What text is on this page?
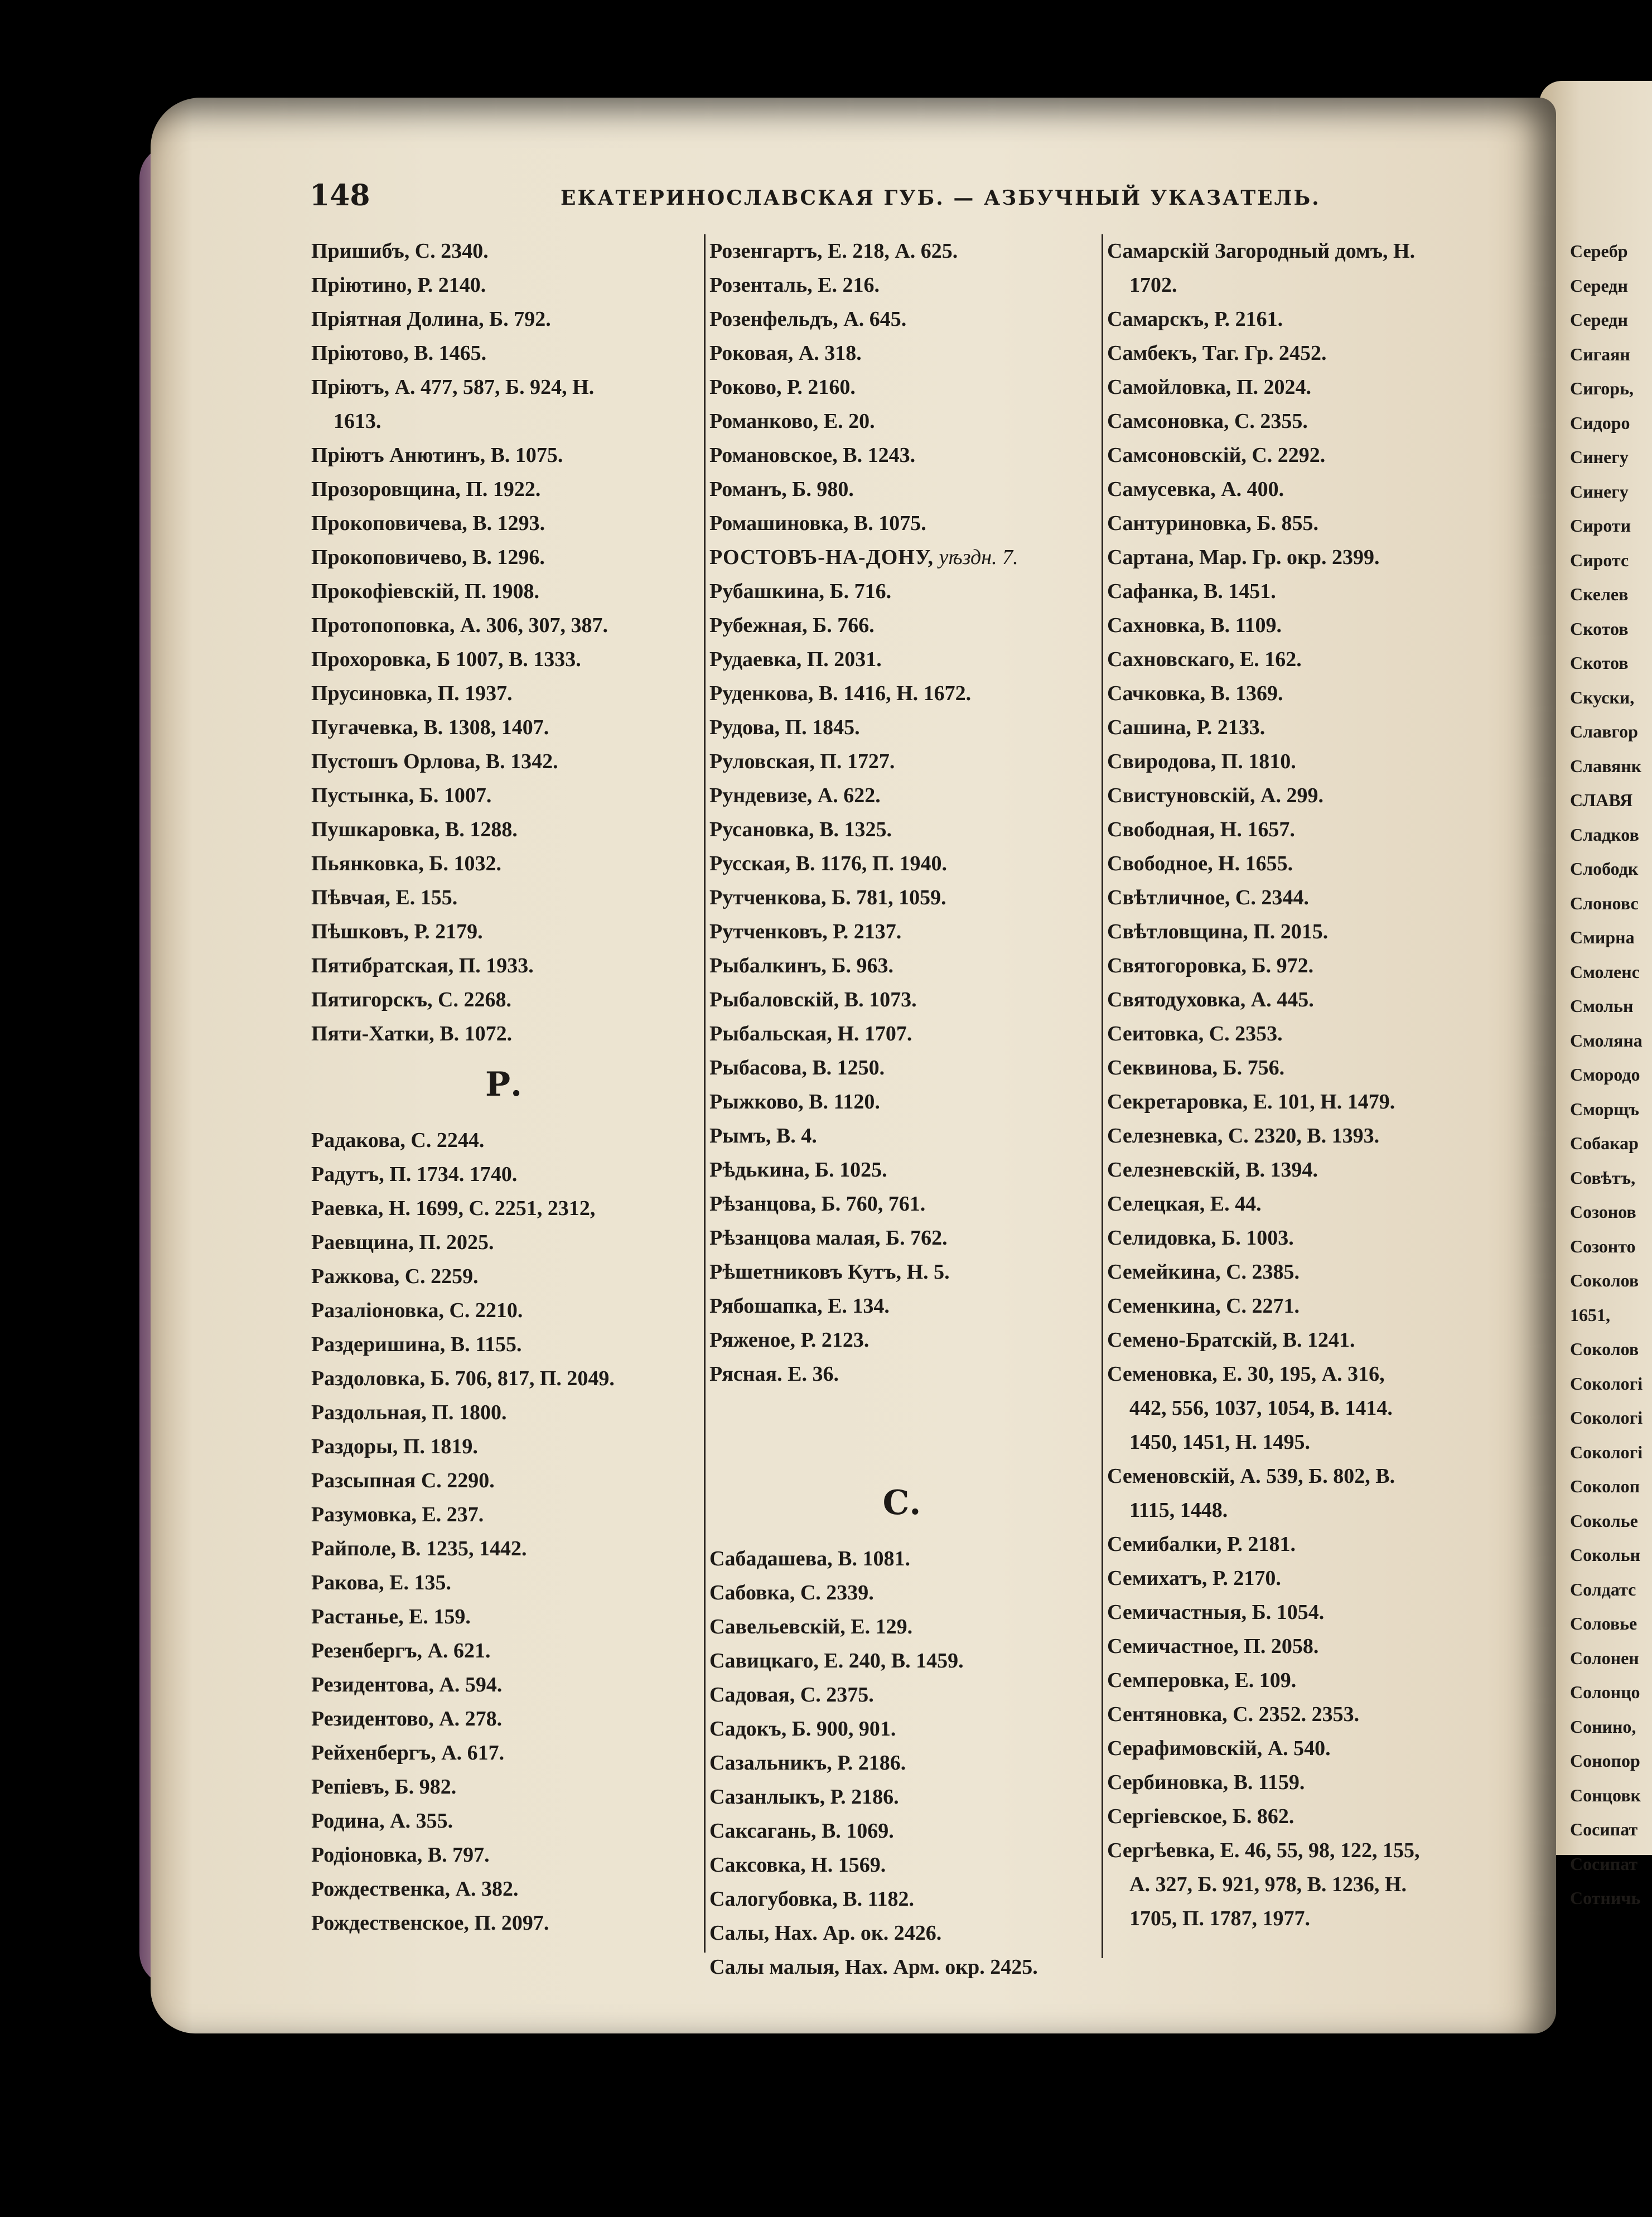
148	ЕКАТЕРИНОСЛАВСКАЯ ГУБ. — АЗБУЧНЫЙ УКАЗАТЕЛЬ.
Пришибъ, С. 2340.
Пріютино, Р. 2140.
Пріятная Долина, Б. 792.
Пріютово, В. 1465.
Пріютъ, А. 477, 587, Б. 924, Н.
1613.
Пріютъ Анютинъ, В. 1075.
Прозоровщина, П. 1922.
Прокоповичева, В. 1293.
Прокоповичево, В. 1296.
Прокофіевскій, П. 1908.
Протопоповка, А. 306, 307, 387.
Прохоровка, Б 1007, В. 1333.
Прусиновка, П. 1937.
Пугачевка, В. 1308, 1407.
Пустошъ Орлова, В. 1342.
Пустынка, Б. 1007.
Пушкаровка, В. 1288.
Пьянковка, Б. 1032.
Пѣвчая, Е. 155.
Пѣшковъ, Р. 2179.
Пятибратская, П. 1933.
Пятигорскъ, С. 2268.
Пяти-Хатки, В. 1072.
Р.
Радакова, С. 2244.
Радутъ, П. 1734. 1740.
Раевка, Н. 1699, С. 2251, 2312,
Раевщина, П. 2025.
Ражкова, С. 2259.
Разаліоновка, С. 2210.
Раздеришина, В. 1155.
Раздоловка, Б. 706, 817, П. 2049.
Раздольная, П. 1800.
Раздоры, П. 1819.
Разсыпная С. 2290.
Разумовка, Е. 237.
Райполе, В. 1235, 1442.
Ракова, Е. 135.
Растанье, Е. 159.
Резенбергъ, А. 621.
Резидентова, А. 594.
Резидентово, А. 278.
Рейхенбергъ, А. 617.
Репіевъ, Б. 982.
Родина, А. 355.
Родіоновка, В. 797.
Рождественка, А. 382.
Рождественское, П. 2097.
Розенгартъ, Е. 218, А. 625.
Розенталь, Е. 216.
Розенфельдъ, А. 645.
Роковая, А. 318.
Роково, Р. 2160.
Романково, Е. 20.
Романовское, В. 1243.
Романъ, Б. 980.
Ромашиновка, В. 1075.
РОСТОВЪ-НА-ДОНУ, уѣздн. 7.
Рубашкина, Б. 716.
Рубежная, Б. 766.
Рудаевка, П. 2031.
Руденкова, В. 1416, Н. 1672.
Рудова, П. 1845.
Руловская, П. 1727.
Рундевизе, А. 622.
Русановка, В. 1325.
Русская, В. 1176, П. 1940.
Рутченкова, Б. 781, 1059.
Рутченковъ, Р. 2137.
Рыбалкинъ, Б. 963.
Рыбаловскій, В. 1073.
Рыбальская, Н. 1707.
Рыбасова, В. 1250.
Рыжково, В. 1120.
Рымъ, В. 4.
Рѣдькина, Б. 1025.
Рѣзанцова, Б. 760, 761.
Рѣзанцова малая, Б. 762.
Рѣшетниковъ Кутъ, Н. 5.
Рябошапка, Е. 134.
Ряженое, Р. 2123.
Рясная. Е. 36.
С.
Сабадашева, В. 1081.
Сабовка, С. 2339.
Савельевскій, Е. 129.
Савицкаго, Е. 240, В. 1459.
Садовая, С. 2375.
Садокъ, Б. 900, 901.
Сазальникъ, Р. 2186.
Сазанлыкъ, Р. 2186.
Саксагань, В. 1069.
Саксовка, Н. 1569.
Салогубовка, В. 1182.
Салы, Нах. Ар. ок. 2426.
Салы малыя, Нах. Арм. окр. 2425.
Самарскій Загородный домъ, Н.
1702.
Самарскъ, Р. 2161.
Самбекъ, Таг. Гр. 2452.
Самойловка, П. 2024.
Самсоновка, С. 2355.
Самсоновскій, С. 2292.
Самусевка, А. 400.
Сантуриновка, Б. 855.
Сартана, Мар. Гр. окр. 2399.
Сафанка, В. 1451.
Сахновка, В. 1109.
Сахновскаго, Е. 162.
Сачковка, В. 1369.
Сашина, Р. 2133.
Свиродова, П. 1810.
Свистуновскій, А. 299.
Свободная, Н. 1657.
Свободное, Н. 1655.
Свѣтличное, С. 2344.
Свѣтловщина, П. 2015.
Святогоровка, Б. 972.
Святодуховка, А. 445.
Сеитовка, С. 2353.
Секвинова, Б. 756.
Секретаровка, Е. 101, Н. 1479.
Селезневка, С. 2320, В. 1393.
Селезневскій, В. 1394.
Селецкая, Е. 44.
Селидовка, Б. 1003.
Семейкина, С. 2385.
Семенкина, С. 2271.
Семено-Братскій, В. 1241.
Семеновка, Е. 30, 195, А. 316,
442, 556, 1037, 1054, В. 1414.
1450, 1451, Н. 1495.
Семеновскій, А. 539, Б. 802, В.
1115, 1448.
Семибалки, Р. 2181.
Семихатъ, Р. 2170.
Семичастныя, Б. 1054.
Семичастное, П. 2058.
Семперовка, Е. 109.
Сентяновка, С. 2352. 2353.
Серафимовскій, А. 540.
Сербиновка, В. 1159.
Сергіевское, Б. 862.
Сергѣевка, Е. 46, 55, 98, 122, 155,
А. 327, Б. 921, 978, В. 1236, Н.
1705, П. 1787, 1977.
Серебр
Середн
Середн
Сигаян
Сигорь,
Сидоро
Синегу
Синегу
Сироти
Сиротс
Скелев
Скотов
Скотов
Скуски,
Славгор
Славянк
СЛАВЯ
Сладков
Слободк
Слоновс
Смирна
Смоленс
Смольн
Смоляна
Смородо
Сморщъ
Собакар
Совѣтъ,
Созонов
Созонто
Соколов
1651,
Соколов
Сокологі
Сокологі
Сокологі
Соколоп
Соколье
Сокольн
Солдатс
Соловье
Солонен
Солонцо
Сонино,
Сонопор
Сонцовк
Сосипат
Сосипат
Сотничь
